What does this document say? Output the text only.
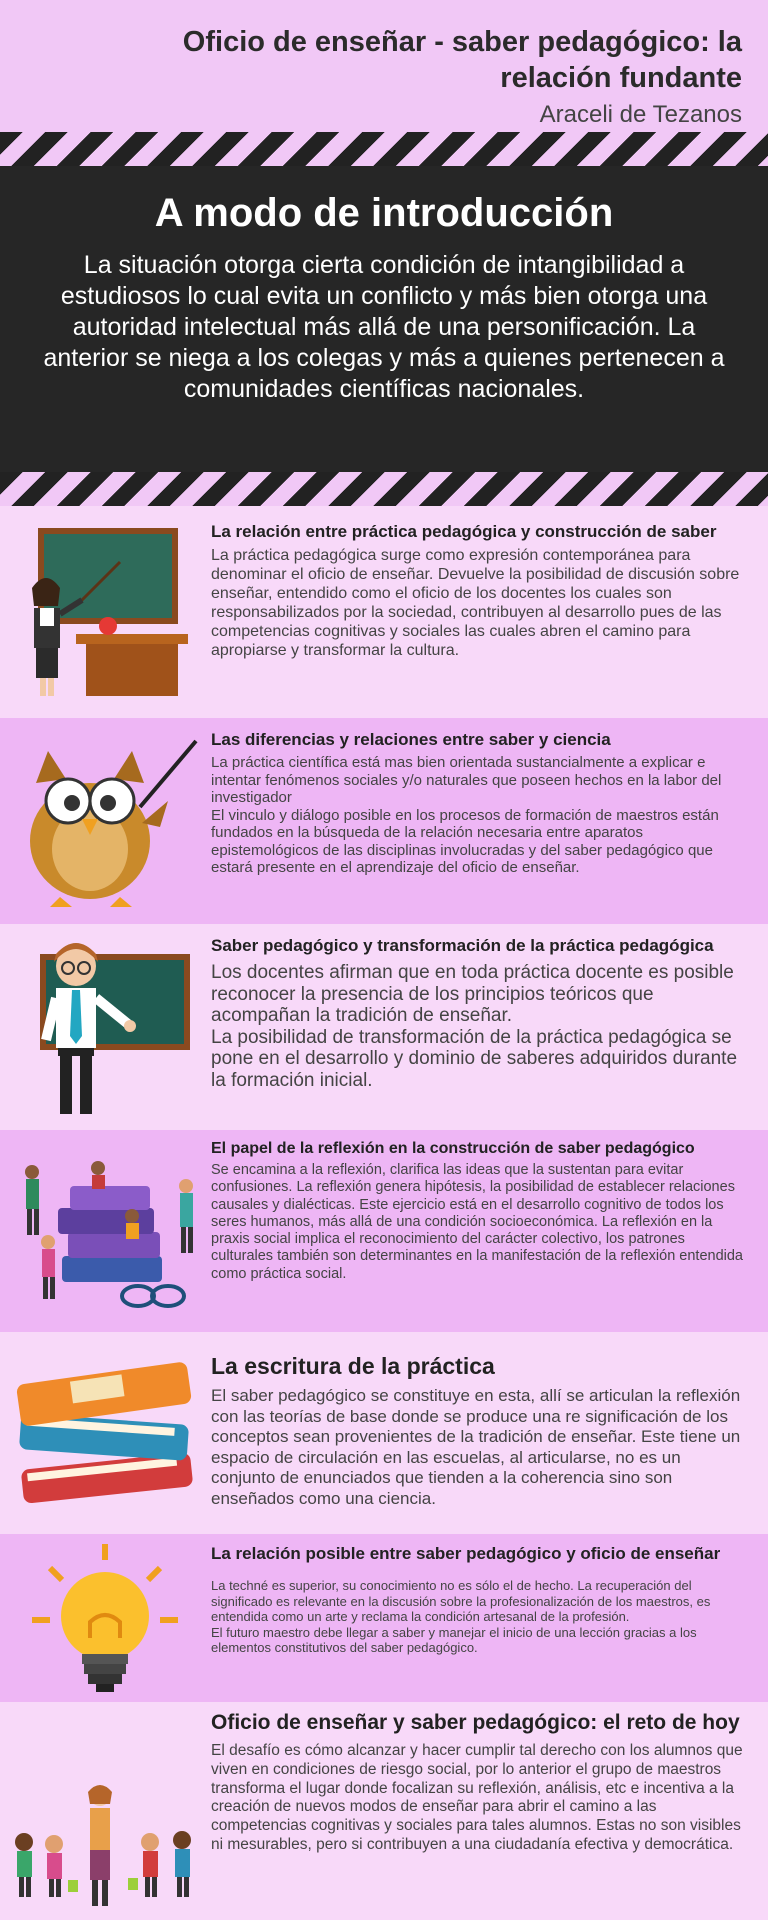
Oficio de enseñar - saber pedagógico: la relación fundante
Araceli de Tezanos
A modo de introducción
La situación otorga cierta condición de intangibilidad a estudiosos lo cual evita un conflicto y más bien otorga una autoridad intelectual más allá de una personificación. La anterior se niega a los colegas y más a quienes pertenecen a comunidades científicas nacionales.
La relación entre práctica pedagógica y construcción de saber
La práctica pedagógica surge como expresión contemporánea para denominar el oficio de enseñar. Devuelve la posibilidad de discusión sobre enseñar, entendido como el oficio de los docentes los cuales son responsabilizados por la sociedad, contribuyen al desarrollo pues de las competencias cognitivas y sociales las cuales abren el camino para apropiarse y transformar la cultura.
Las diferencias y relaciones entre saber y ciencia
La práctica científica está mas bien orientada sustancialmente a explicar e intentar fenómenos sociales y/o naturales que poseen hechos en la labor del investigador
El vinculo y diálogo posible en los procesos de formación de maestros están fundados en la búsqueda de la relación necesaria entre aparatos epistemológicos de las disciplinas involucradas y del saber pedagógico que estará presente en el aprendizaje del oficio de enseñar.
Saber pedagógico y transformación de la práctica pedagógica
Los docentes afirman que en toda práctica docente es posible reconocer la presencia de los principios teóricos que acompañan la tradición de enseñar.
La posibilidad de transformación de la práctica pedagógica se pone en el desarrollo y dominio de saberes adquiridos durante la formación inicial.
El papel de la reflexión en la construcción de saber pedagógico
Se encamina a la reflexión, clarifica las ideas que la sustentan para evitar confusiones. La reflexión genera hipótesis, la posibilidad de establecer relaciones causales y dialécticas. Este ejercicio está en el desarrollo cognitivo de todos los seres humanos, más allá de una condición socioeconómica. La reflexión en la praxis social implica el reconocimiento del carácter colectivo, los patrones culturales también son determinantes en la manifestación de la reflexión entendida como práctica social.
La escritura de la práctica
El saber pedagógico se constituye en esta, allí se articulan la reflexión con las teorías de base donde se produce una re significación de los conceptos sean provenientes de la tradición de enseñar. Este tiene un espacio de circulación en las escuelas, al articularse, no es un conjunto de enunciados que tienden a la coherencia sino son enseñados como una ciencia.
La relación posible entre saber pedagógico y oficio de enseñar
La techné es superior, su conocimiento no es sólo el de hecho. La recuperación del significado es relevante en la discusión sobre la profesionalización de los maestros, es entendida como un arte y reclama la condición artesanal de la profesión.
El futuro maestro debe llegar a saber y manejar el inicio de una lección gracias a los elementos constitutivos del saber pedagógico.
Oficio de enseñar y saber pedagógico: el reto de hoy
El desafío es cómo alcanzar y hacer cumplir tal derecho con los alumnos que viven en condiciones de riesgo social, por lo anterior el grupo de maestros transforma el lugar donde focalizan su reflexión, análisis, etc e incentiva a la creación de nuevos modos de enseñar para abrir el camino a las competencias cognitivas y sociales para tales alumnos. Estas no son visibles ni mesurables, pero si contribuyen a una ciudadanía efectiva y democrática.
